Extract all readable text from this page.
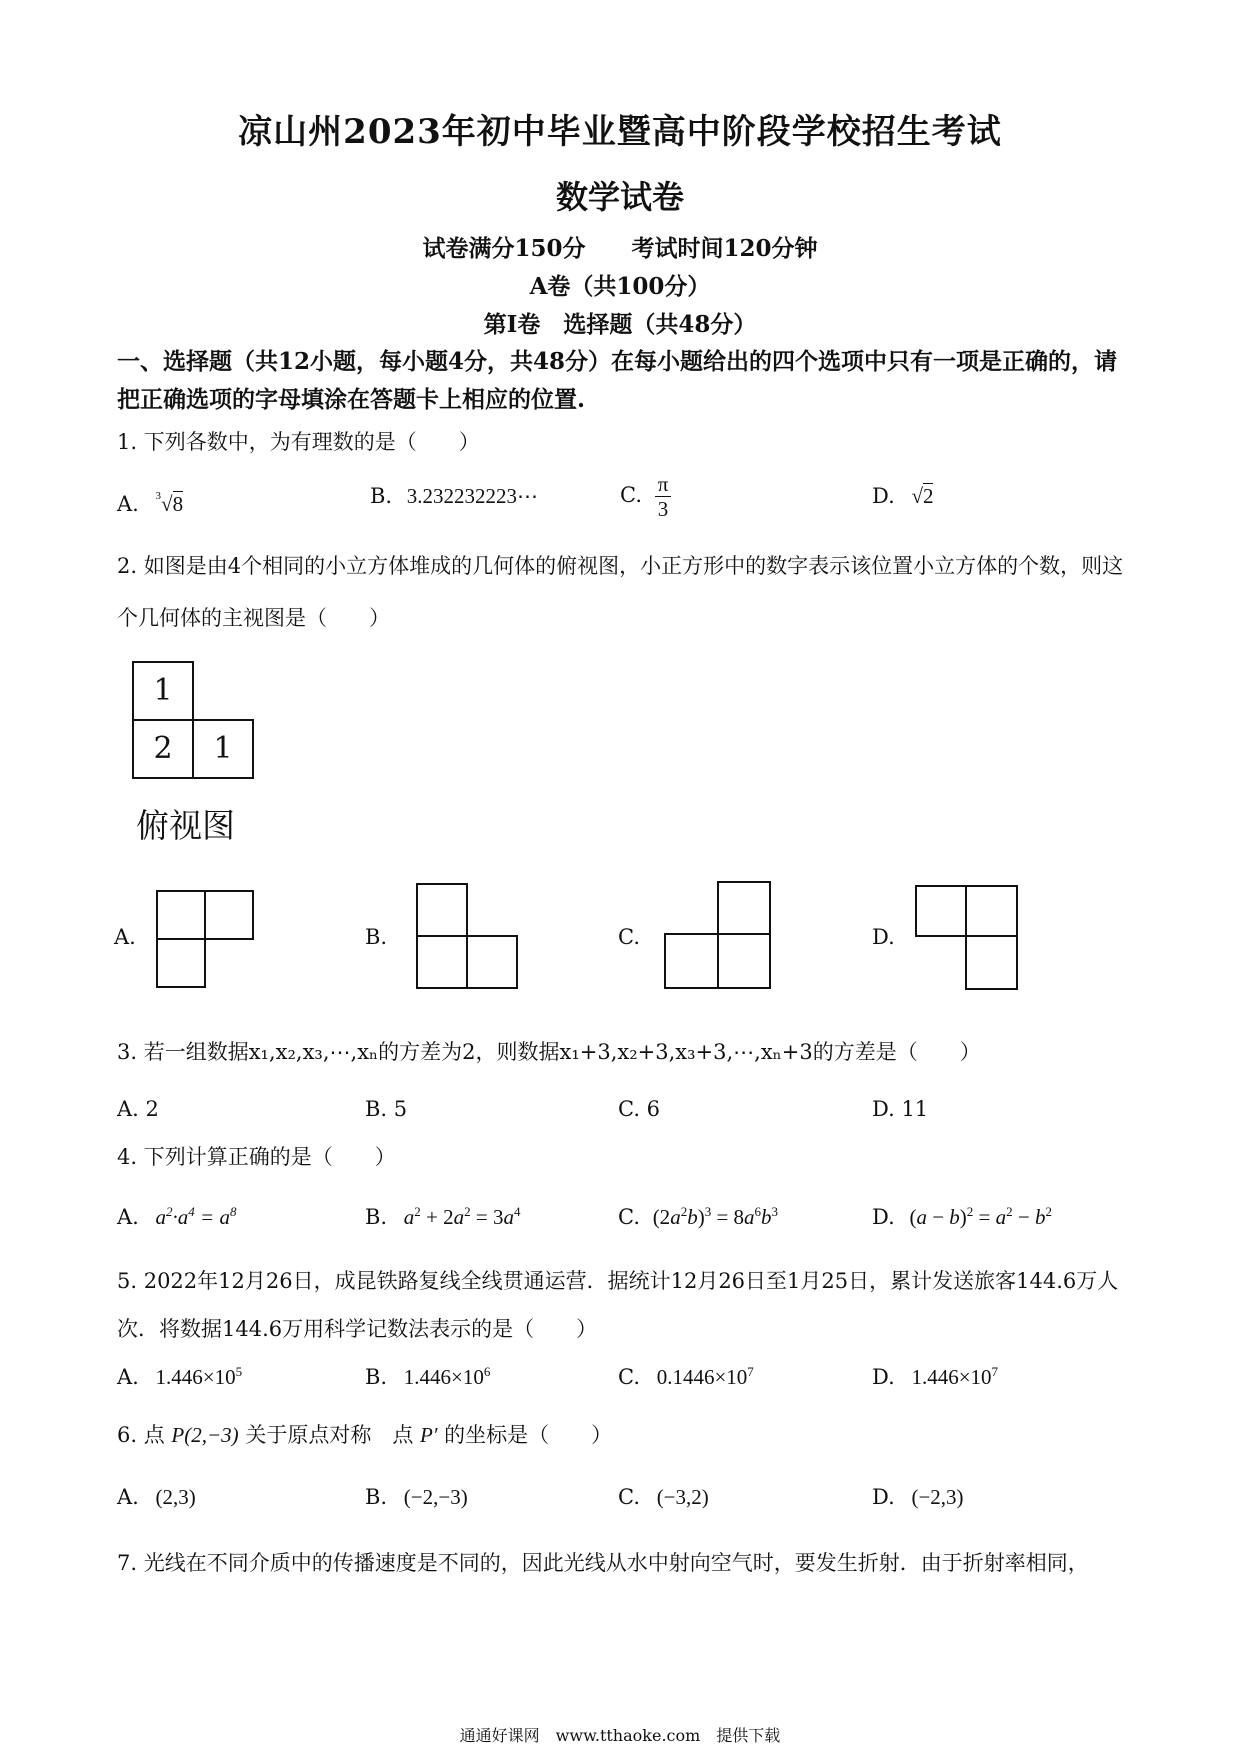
凉山州2023年初中毕业暨高中阶段学校招生考试
数学试卷
试卷满分150分　　考试时间120分钟
A卷（共100分）
第Ⅰ卷　选择题（共48分）
一、选择题（共12小题，每小题4分，共48分）在每小题给出的四个选项中只有一项是正确的，请把正确选项的字母填涂在答题卡上相应的位置.
1. 下列各数中，为有理数的是（　　）
A. $^3$√8	B. 3.232232223⋯	C. $\frac{\pi}{3}$	D. √2
2. 如图是由4个相同的小立方体堆成的几何体的俯视图，小正方形中的数字表示该位置小立方体的个数，则这个几何体的主视图是（　　）
1
2	1
俯视图
A.	B.	C.	D.
3. 若一组数据x₁,x₂,x₃,⋯,xₙ的方差为2，则数据x₁+3,x₂+3,x₃+3,⋯,xₙ+3的方差是（　　）
A. 2	B. 5	C. 6	D. 11
4. 下列计算正确的是（　　）
A. $a^2\cdot a^4 = a^8$	B. $a^2 + 2a^2 = 3a^4$	C. $(2a^2b)^3 = 8a^6b^3$	D. $(a - b)^2 = a^2 - b^2$
5. 2022年12月26日，成昆铁路复线全线贯通运营．据统计12月26日至1月25日，累计发送旅客144.6万人次．将数据144.6万用科学记数法表示的是（　　）
A. $1.446\times 10^5$	B. $1.446\times 10^6$	C. $0.1446\times 10^7$	D. $1.446\times 10^7$
6. 点 P(2,−3) 关于原点对称　点 P′ 的坐标是（　　）
A. (2,3)	B. (−2,−3)	C. (−3,2)	D. (−2,3)
7. 光线在不同介质中的传播速度是不同的，因此光线从水中射向空气时，要发生折射．由于折射率相同，
通通好课网　www.tthaoke.com　提供下载
